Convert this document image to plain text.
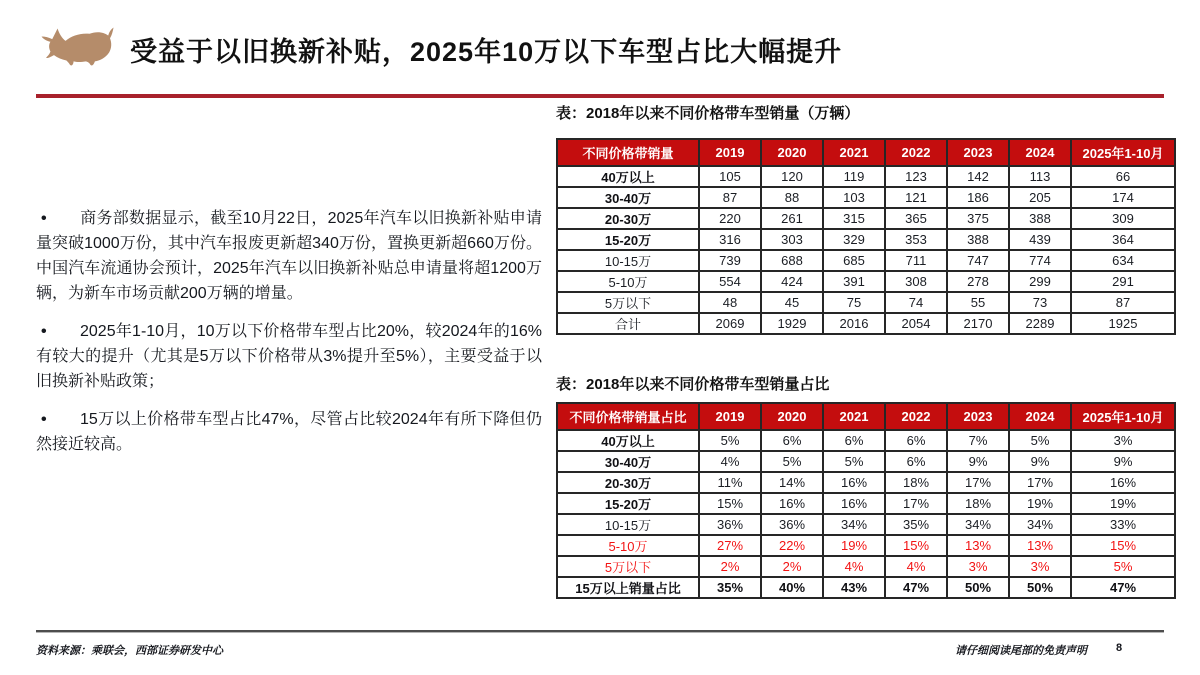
受益于以旧换新补贴，2025年10万以下车型占比大幅提升

• 商务部数据显示，截至10月22日，2025年汽车以旧换新补贴申请量突破1000万份，其中汽车报废更新超340万份，置换更新超660万份。中国汽车流通协会预计，2025年汽车以旧换新补贴总申请量将超1200万辆，为新车市场贡献200万辆的增量。

• 2025年1-10月，10万以下价格带车型占比20%，较2024年的16%有较大的提升（尤其是5万以下价格带从3%提升至5%），主要受益于以旧换新补贴政策；

• 15万以上价格带车型占比47%，尽管占比较2024年有所下降但仍然接近较高。

表：2018年以来不同价格带车型销量（万辆）
不同价格带销量	2019	2020	2021	2022	2023	2024	2025年1-10月
40万以上	105	120	119	123	142	113	66
30-40万	87	88	103	121	186	205	174
20-30万	220	261	315	365	375	388	309
15-20万	316	303	329	353	388	439	364
10-15万	739	688	685	711	747	774	634
5-10万	554	424	391	308	278	299	291
5万以下	48	45	75	74	55	73	87
合计	2069	1929	2016	2054	2170	2289	1925
表：2018年以来不同价格带车型销量占比
不同价格带销量占比	2019	2020	2021	2022	2023	2024	2025年1-10月
40万以上	5%	6%	6%	6%	7%	5%	3%
30-40万	4%	5%	5%	6%	9%	9%	9%
20-30万	11%	14%	16%	18%	17%	17%	16%
15-20万	15%	16%	16%	17%	18%	19%	19%
10-15万	36%	36%	34%	35%	34%	34%	33%
5-10万	27%	22%	19%	15%	13%	13%	15%
5万以下	2%	2%	4%	4%	3%	3%	5%
15万以上销量占比	35%	40%	43%	47%	50%	50%	47%
资料来源：乘联会，西部证券研发中心	请仔细阅读尾部的免责声明	8
